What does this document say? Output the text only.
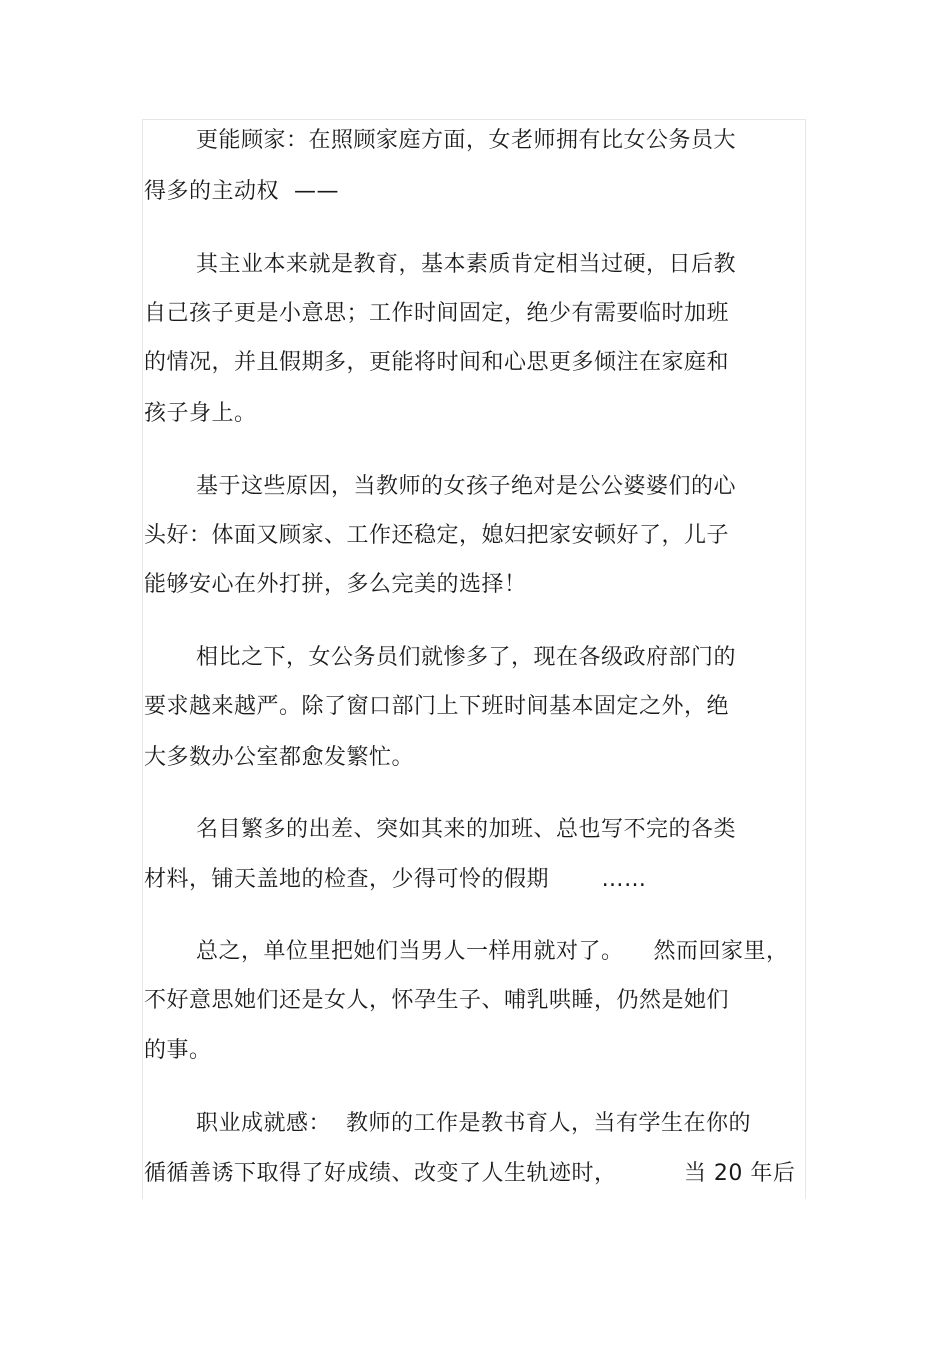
更能顾家：在照顾家庭方面，女老师拥有比女公务员大
得多的主动权  ——
其主业本来就是教育，基本素质肯定相当过硬，日后教
自己孩子更是小意思；工作时间固定，绝少有需要临时加班
的情况，并且假期多，更能将时间和心思更多倾注在家庭和
孩子身上。
基于这些原因，当教师的女孩子绝对是公公婆婆们的心
头好：体面又顾家、工作还稳定，媳妇把家安顿好了，儿子
能够安心在外打拼，多么完美的选择！
相比之下，女公务员们就惨多了，现在各级政府部门的
要求越来越严。除了窗口部门上下班时间基本固定之外，绝
大多数办公室都愈发繁忙。
名目繁多的出差、突如其来的加班、总也写不完的各类
材料，铺天盖地的检查，少得可怜的假期       ……
总之，单位里把她们当男人一样用就对了。    然而回家里，
不好意思她们还是女人，怀孕生子、哺乳哄睡，仍然是她们
的事。
职业成就感：  教师的工作是教书育人，当有学生在你的
循循善诱下取得了好成绩、改变了人生轨迹时，         当 20 年后
